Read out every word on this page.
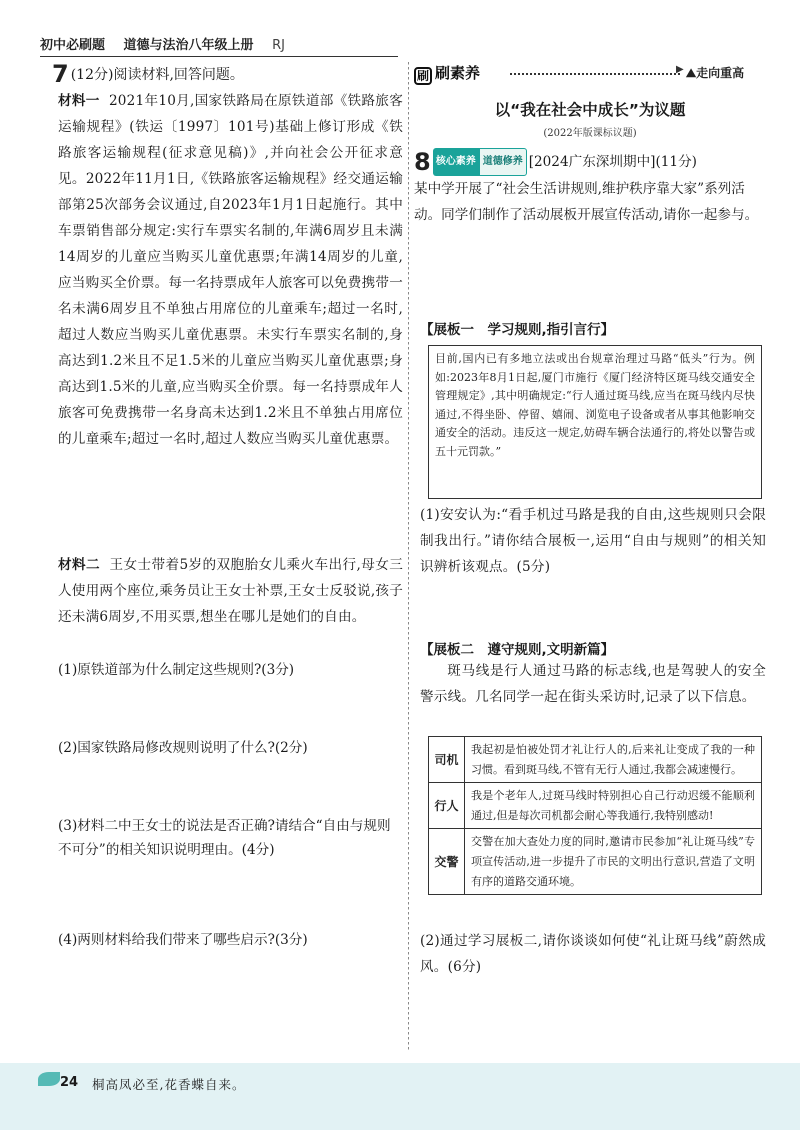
初中必刷题 道德与法治八年级上册 RJ
7 (12分)阅读材料,回答问题。
材料一 2021年10月,国家铁路局在原铁道部《铁路旅客运输规程》(铁运〔1997〕101号)基础上修订形成《铁路旅客运输规程(征求意见稿)》,并向社会公开征求意见。2022年11月1日,《铁路旅客运输规程》经交通运输部第25次部务会议通过,自2023年1月1日起施行。其中车票销售部分规定:实行车票实名制的,年满6周岁且未满14周岁的儿童应当购买儿童优惠票;年满14周岁的儿童,应当购买全价票。每一名持票成年人旅客可以免费携带一名未满6周岁且不单独占用席位的儿童乘车;超过一名时,超过人数应当购买儿童优惠票。未实行车票实名制的,身高达到1.2米且不足1.5米的儿童应当购买儿童优惠票;身高达到1.5米的儿童,应当购买全价票。每一名持票成年人旅客可免费携带一名身高未达到1.2米且不单独占用席位的儿童乘车;超过一名时,超过人数应当购买儿童优惠票。
材料二 王女士带着5岁的双胞胎女儿乘火车出行,母女三人使用两个座位,乘务员让王女士补票,王女士反驳说,孩子还未满6周岁,不用买票,想坐在哪儿是她们的自由。
(1)原铁道部为什么制定这些规则?(3分)
(2)国家铁路局修改规则说明了什么?(2分)
(3)材料二中王女士的说法是否正确?请结合“自由与规则不可分”的相关知识说明理由。(4分)
(4)两则材料给我们带来了哪些启示?(3分)
刷 刷素养	▶ ⛰走向重高
以“我在社会中成长”为议题
(2022年版课标议题)
8 核心素养 道德修养 [2024广东深圳期中](11分)
某中学开展了“社会生活讲规则,维护秩序靠大家”系列活动。同学们制作了活动展板开展宣传活动,请你一起参与。
【展板一　学习规则,指引言行】
目前,国内已有多地立法或出台规章治理过马路“低头”行为。例如:2023年8月1日起,厦门市施行《厦门经济特区斑马线交通安全管理规定》,其中明确规定:“行人通过斑马线,应当在斑马线内尽快通过,不得坐卧、停留、嬉闹、浏览电子设备或者从事其他影响交通安全的活动。违反这一规定,妨碍车辆合法通行的,将处以警告或五十元罚款。”
(1)安安认为:“看手机过马路是我的自由,这些规则只会限制我出行。”请你结合展板一,运用“自由与规则”的相关知识辨析该观点。(5分)
【展板二　遵守规则,文明新篇】
斑马线是行人通过马路的标志线,也是驾驶人的安全警示线。几名同学一起在街头采访时,记录了以下信息。
司机	我起初是怕被处罚才礼让行人的,后来礼让变成了我的一种习惯。看到斑马线,不管有无行人通过,我都会减速慢行。
行人	我是个老年人,过斑马线时特别担心自己行动迟缓不能顺利通过,但是每次司机都会耐心等我通行,我特别感动!
交警	交警在加大查处力度的同时,邀请市民参加“礼让斑马线”专项宣传活动,进一步提升了市民的文明出行意识,营造了文明有序的道路交通环境。
(2)通过学习展板二,请你谈谈如何使“礼让斑马线”蔚然成风。(6分)
24 桐高凤必至,花香蝶自来。
